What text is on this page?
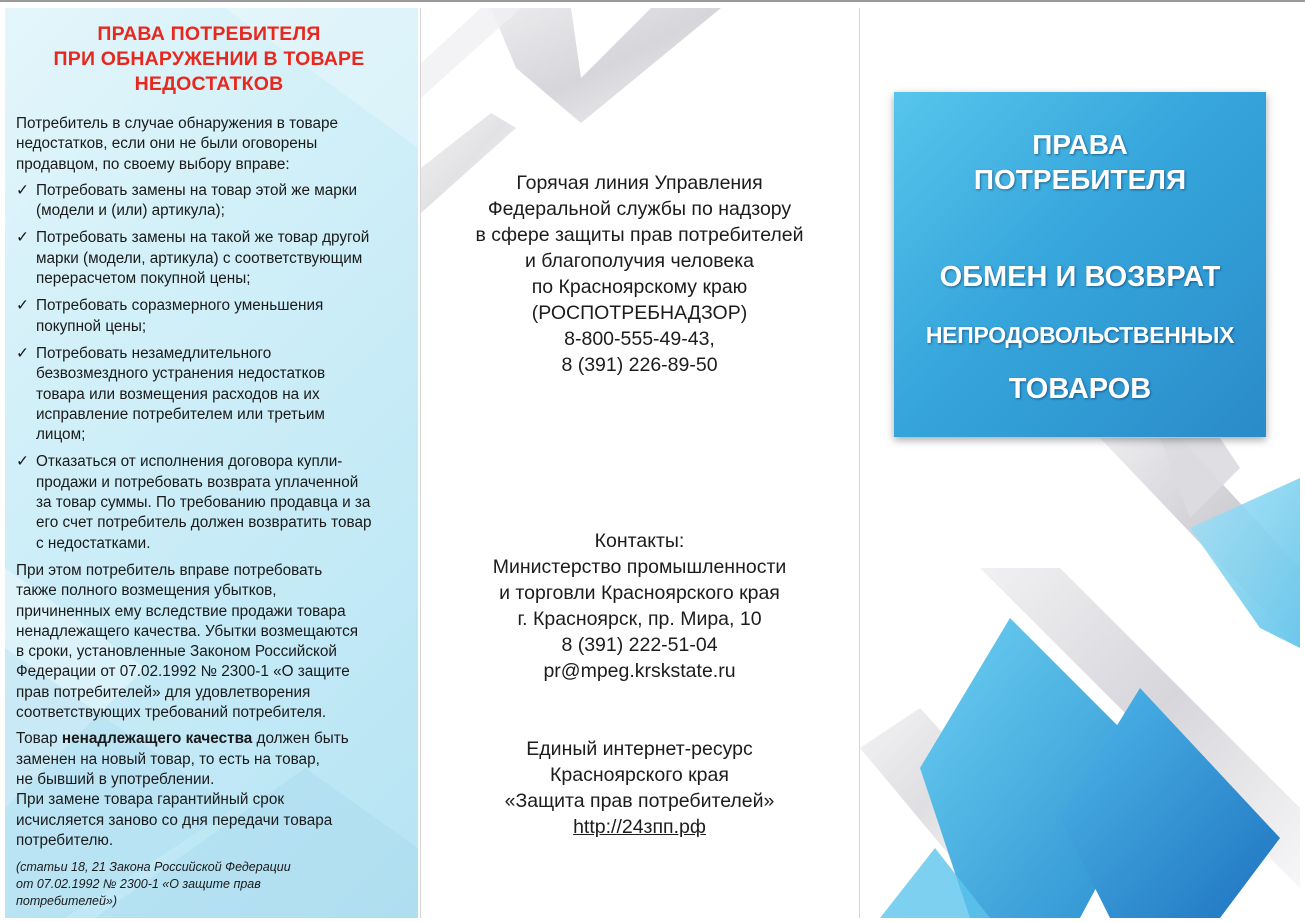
ПРАВА ПОТРЕБИТЕЛЯ
ПРИ ОБНАРУЖЕНИИ В ТОВАРЕ
НЕДОСТАТКОВ
Потребитель в случае обнаружения в товаре
недостатков, если они не были оговорены
продавцом, по своему выбору вправе:
✓ Потребовать замены на товар этой же марки
(модели и (или) артикула);
✓ Потребовать замены на такой же товар другой
марки (модели, артикула) с соответствующим
перерасчетом покупной цены;
✓ Потребовать соразмерного уменьшения
покупной цены;
✓ Потребовать незамедлительного
безвозмездного устранения недостатков
товара или возмещения расходов на их
исправление потребителем или третьим
лицом;
✓ Отказаться от исполнения договора купли-
продажи и потребовать возврата уплаченной
за товар суммы. По требованию продавца и за
его счет потребитель должен возвратить товар
с недостатками.
При этом потребитель вправе потребовать
также полного возмещения убытков,
причиненных ему вследствие продажи товара
ненадлежащего качества. Убытки возмещаются
в сроки, установленные Законом Российской
Федерации от 07.02.1992 № 2300-1 «О защите
прав потребителей» для удовлетворения
соответствующих требований потребителя.
Товар ненадлежащего качества должен быть
заменен на новый товар, то есть на товар,
не бывший в употреблении.
При замене товара гарантийный срок
исчисляется заново со дня передачи товара
потребителю.
(статьи 18, 21 Закона Российской Федерации
от 07.02.1992 № 2300-1 «О защите прав
потребителей»)
Горячая линия Управления
Федеральной службы по надзору
в сфере защиты прав потребителей
и благополучия человека
по Красноярскому краю
(РОСПОТРЕБНАДЗОР)
8-800-555-49-43,
8 (391) 226-89-50
Контакты:
Министерство промышленности
и торговли Красноярского края
г. Красноярск, пр. Мира, 10
8 (391) 222-51-04
pr@mpeg.krskstate.ru
Единый интернет-ресурс
Красноярского края
«Защита прав потребителей»
http://24зпп.рф
ПРАВА
ПОТРЕБИТЕЛЯ
ОБМЕН И ВОЗВРАТ
НЕПРОДОВОЛЬСТВЕННЫХ
ТОВАРОВ
